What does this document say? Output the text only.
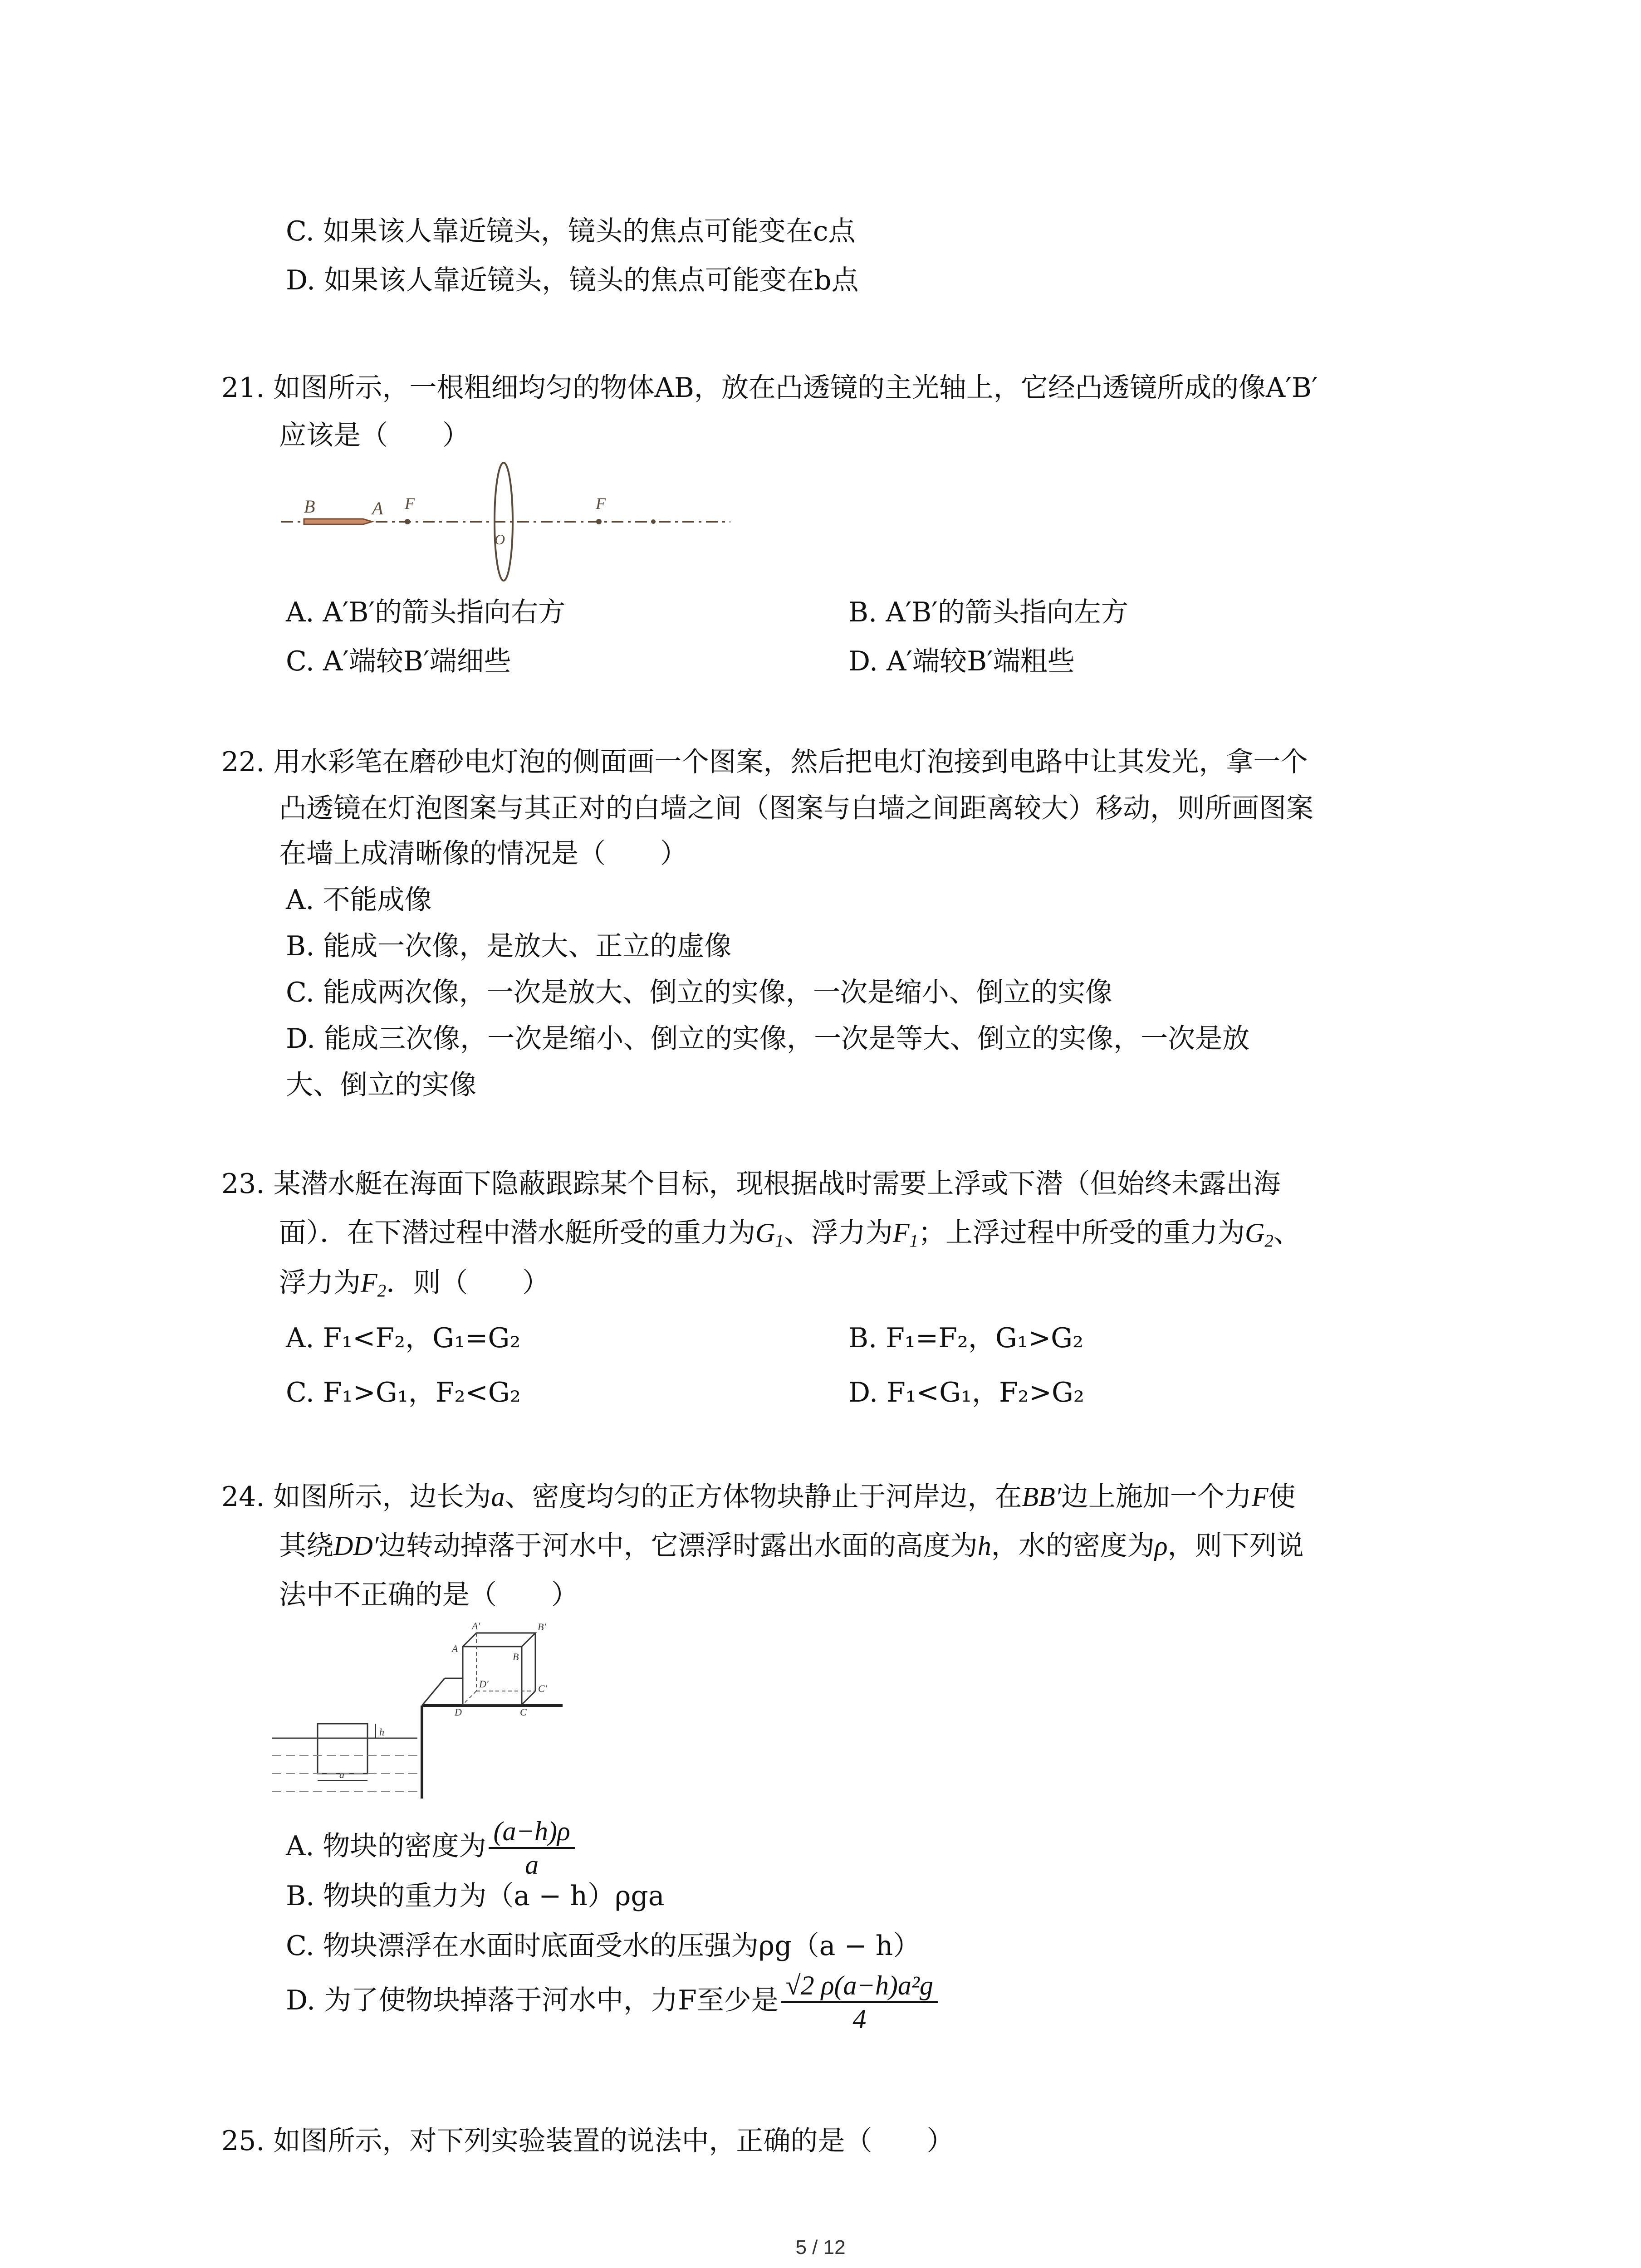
C. 如果该人靠近镜头，镜头的焦点可能变在c点
D. 如果该人靠近镜头，镜头的焦点可能变在b点
21. 如图所示，一根粗细均匀的物体AB，放在凸透镜的主光轴上，它经凸透镜所成的像A′B′
应该是（　　）
B	A F
O
F
A. A′B′的箭头指向右方	B. A′B′的箭头指向左方
C. A′端较B′端细些	D. A′端较B′端粗些
22. 用水彩笔在磨砂电灯泡的侧面画一个图案，然后把电灯泡接到电路中让其发光，拿一个
凸透镜在灯泡图案与其正对的白墙之间（图案与白墙之间距离较大）移动，则所画图案
在墙上成清晰像的情况是（　　）
A. 不能成像
B. 能成一次像，是放大、正立的虚像
C. 能成两次像，一次是放大、倒立的实像，一次是缩小、倒立的实像
D. 能成三次像，一次是缩小、倒立的实像，一次是等大、倒立的实像，一次是放
大、倒立的实像
23. 某潜水艇在海面下隐蔽跟踪某个目标，现根据战时需要上浮或下潜（但始终未露出海
面）．在下潜过程中潜水艇所受的重力为$G_1$、浮力为$F_1$；上浮过程中所受的重力为$G_2$、
浮力为$F_2$．则（　　）
A. F₁<F₂，G₁=G₂	B. F₁=F₂，G₁>G₂
C. F₁>G₁，F₂<G₂	D. F₁<G₁，F₂>G₂
24. 如图所示，边长为a、密度均匀的正方体物块静止于河岸边，在BB′边上施加一个力F使
其绕DD′边转动掉落于河水中，它漂浮时露出水面的高度为h，水的密度为ρ，则下列说
法中不正确的是（　　）
A'	B'
A
B
D'	C'
D	C
h
a
A. 物块的密度为 $\frac{(a-h)\rho}{a}$
B. 物块的重力为（a − h）ρga
C. 物块漂浮在水面时底面受水的压强为ρg（a − h）
D. 为了使物块掉落于河水中，力F至少是 $\frac{\text{√2 ρ(a−h)a²g}}{4}$
25. 如图所示，对下列实验装置的说法中，正确的是（　　）
5 / 12
